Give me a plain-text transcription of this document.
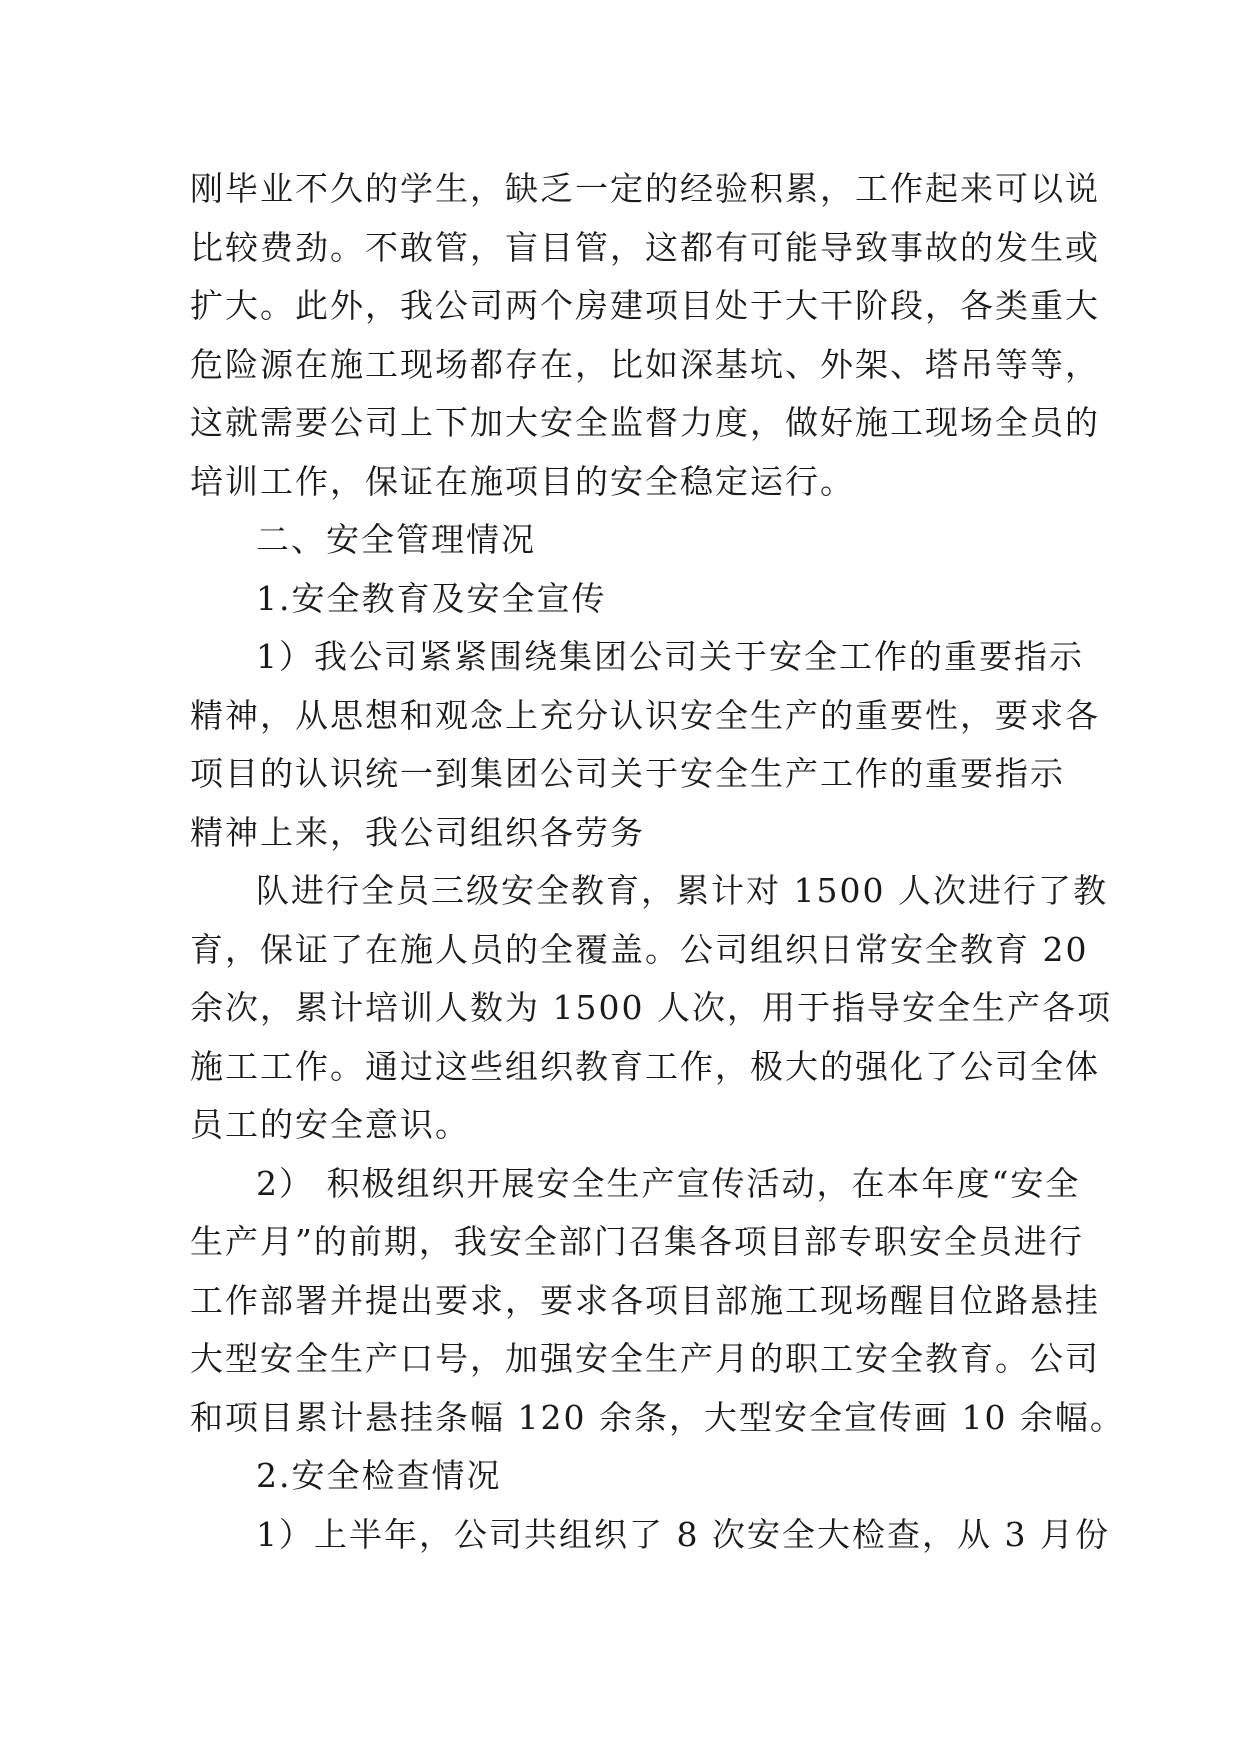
刚毕业不久的学生，缺乏一定的经验积累，工作起来可以说
比较费劲。不敢管，盲目管，这都有可能导致事故的发生或
扩大。此外，我公司两个房建项目处于大干阶段，各类重大
危险源在施工现场都存在，比如深基坑、外架、塔吊等等，
这就需要公司上下加大安全监督力度，做好施工现场全员的
培训工作，保证在施项目的安全稳定运行。
二、安全管理情况
1.安全教育及安全宣传
1）我公司紧紧围绕集团公司关于安全工作的重要指示
精神，从思想和观念上充分认识安全生产的重要性，要求各
项目的认识统一到集团公司关于安全生产工作的重要指示
精神上来，我公司组织各劳务
队进行全员三级安全教育，累计对 1500 人次进行了教
育，保证了在施人员的全覆盖。公司组织日常安全教育 20
余次，累计培训人数为 1500 人次，用于指导安全生产各项
施工工作。通过这些组织教育工作，极大的强化了公司全体
员工的安全意识。
2） 积极组织开展安全生产宣传活动，在本年度“安全
生产月”的前期，我安全部门召集各项目部专职安全员进行
工作部署并提出要求，要求各项目部施工现场醒目位路悬挂
大型安全生产口号，加强安全生产月的职工安全教育。公司
和项目累计悬挂条幅 120 余条，大型安全宣传画 10 余幅。
2.安全检查情况
1）上半年，公司共组织了 8 次安全大检查，从 3 月份
